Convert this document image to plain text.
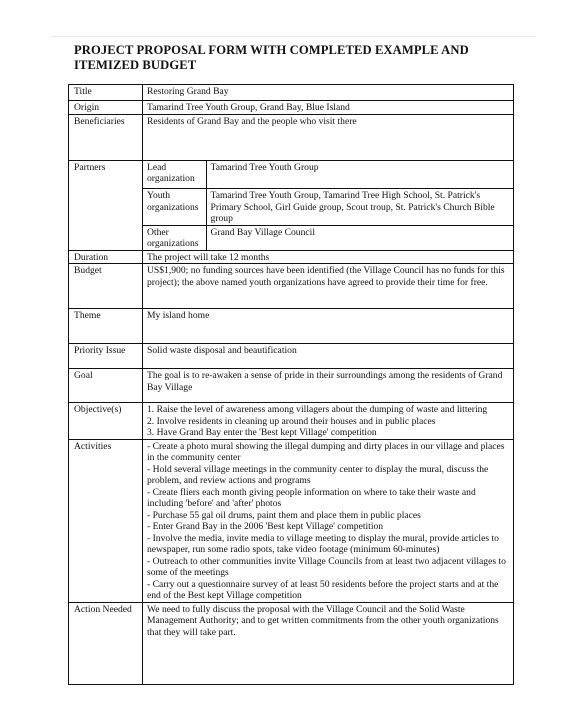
PROJECT PROPOSAL FORM WITH COMPLETED EXAMPLE AND
ITEMIZED BUDGET
Title	Restoring Grand Bay
Origin	Tamarind Tree Youth Group, Grand Bay, Blue Island
Beneficiaries	Residents of Grand Bay and the people who visit there
Partners		Lead organization	Tamarind Tree Youth Group
Youth organizations	Tamarind Tree Youth Group, Tamarind Tree High School, St. Patrick's Primary School, Girl Guide group, Scout troup, St. Patrick's Church Bible group
Other organizations	Grand Bay Village Council

Duration	The project will take 12 months
Budget	US$1,900; no funding sources have been identified (the Village Council has no funds for this project); the above named youth organizations have agreed to provide their time for free.
Theme	My island home
Priority Issue	Solid waste disposal and beautification
Goal	The goal is to re-awaken a sense of pride in their surroundings among the residents of Grand Bay Village
Objective(s)	1. Raise the level of awareness among villagers about the dumping of waste and littering
2. Involve residents in cleaning up around their houses and in public places
3. Have Grand Bay enter the 'Best kept Village' competition

Activities	- Create a photo mural showing the illegal dumping and dirty places in our village and places in the community center
- Hold several village meetings in the community center to display the mural, discuss the problem, and review actions and programs
- Create fliers each month giving people information on where to take their waste and including 'before' and 'after' photos
- Purchase 55 gal oil drums, paint them and place them in public places
- Enter Grand Bay in the 2006 'Best kept Village' competition
- Involve the media, invite media to village meeting to display the mural, provide articles to newspaper, run some radio spots, take video footage (minimum 60-minutes)
- Outreach to other communities invite Village Councils from at least two adjacent villages to some of the meetings
- Carry out a questionnaire survey of at least 50 residents before the project starts and at the end of the Best kept Village competition

Action Needed	We need to fully discuss the proposal with the Village Council and the Solid Waste Management Authority; and to get written commitments from the other youth organizations that they will take part.
